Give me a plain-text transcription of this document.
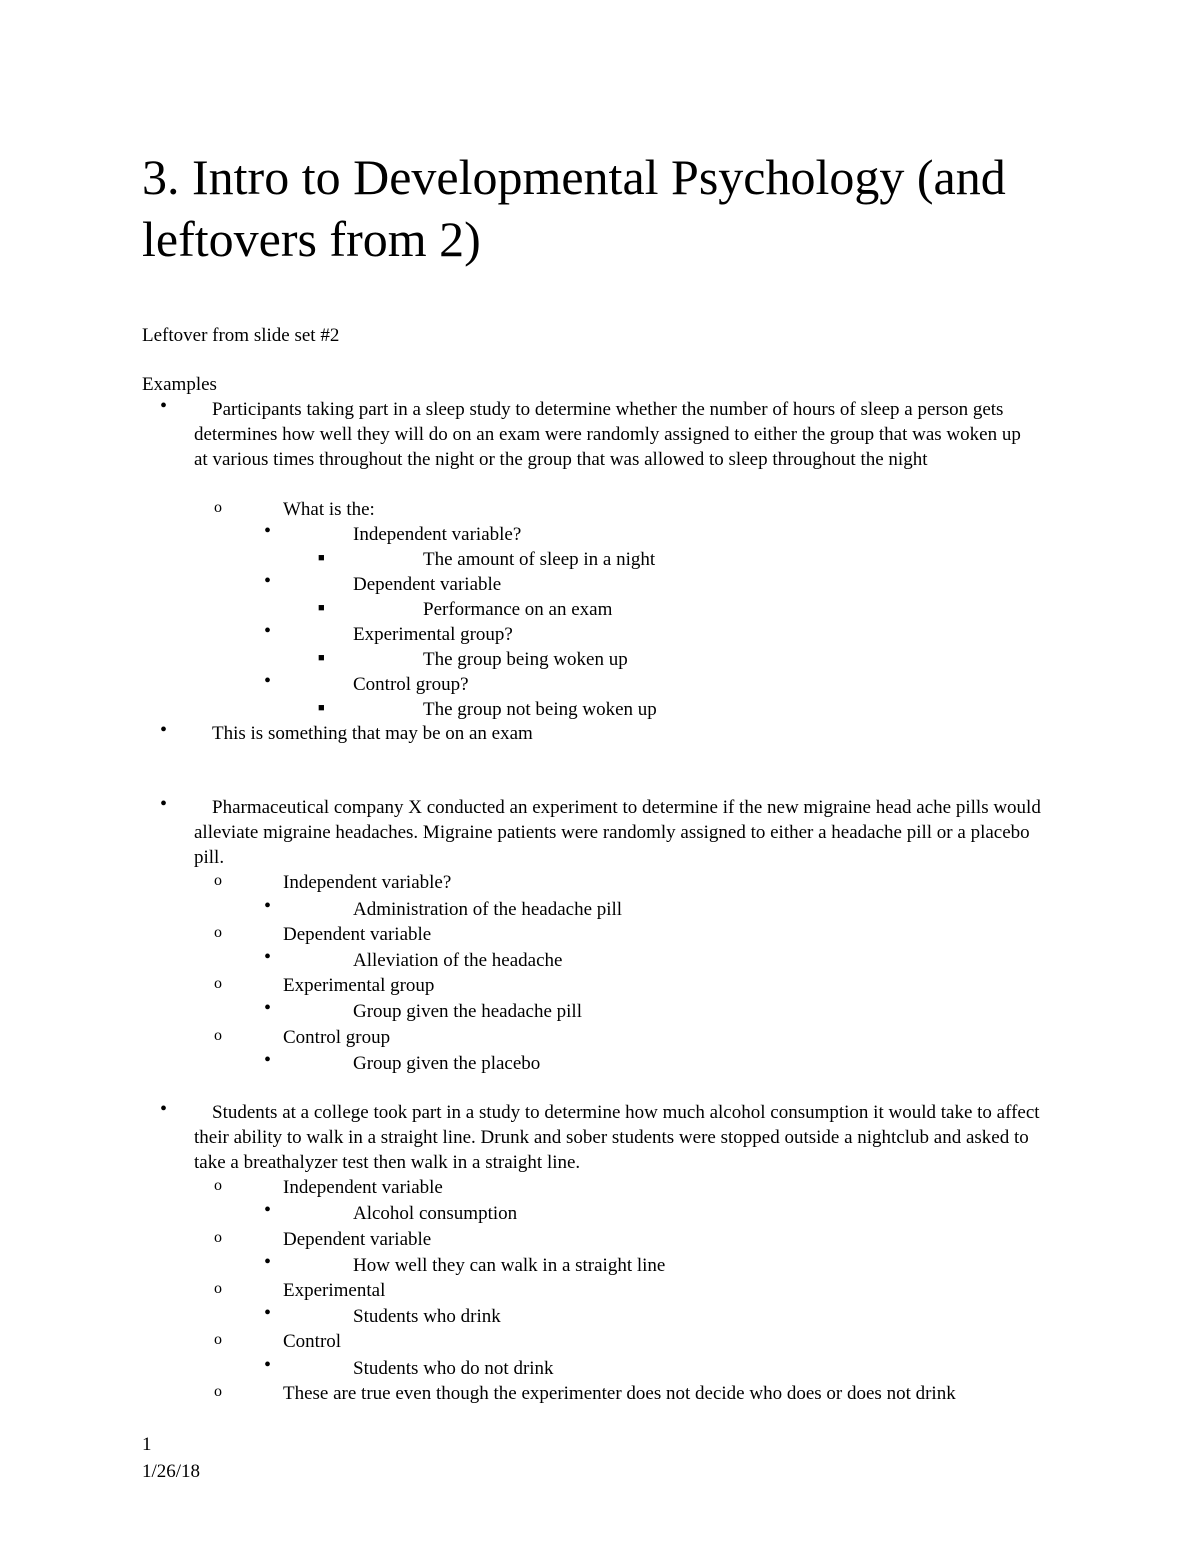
3. Intro to Developmental Psychology (and leftovers from 2)

Leftover from slide set #2

Examples

•	Participants taking part in a sleep study to determine whether the number of hours of sleep a person gets determines how well they will do on an exam were randomly assigned to either the group that was woken up at various times throughout the night or the group that was allowed to sleep throughout the night
o	What is the:
•	Independent variable?
■	The amount of sleep in a night
•	Dependent variable
■	Performance on an exam
•	Experimental group?
■	The group being woken up
•	Control group?
■	The group not being woken up
• This is something that may be on an exam
•	Pharmaceutical company X conducted an experiment to determine if the new migraine head ache pills would alleviate migraine headaches. Migraine patients were randomly assigned to either a headache pill or a placebo pill.
o	Independent variable?
•	Administration of the headache pill
o	Dependent variable
•	Alleviation of the headache
o	Experimental group
•	Group given the headache pill
o	Control group
•	Group given the placebo
•	Students at a college took part in a study to determine how much alcohol consumption it would take to affect their ability to walk in a straight line. Drunk and sober students were stopped outside a nightclub and asked to take a breathalyzer test then walk in a straight line.
o	Independent variable
•	Alcohol consumption
o	Dependent variable
•	How well they can walk in a straight line
o	Experimental
•	Students who drink
o	Control
•	Students who do not drink
o	These are true even though the experimenter does not decide who does or does not drink
1
1/26/18
